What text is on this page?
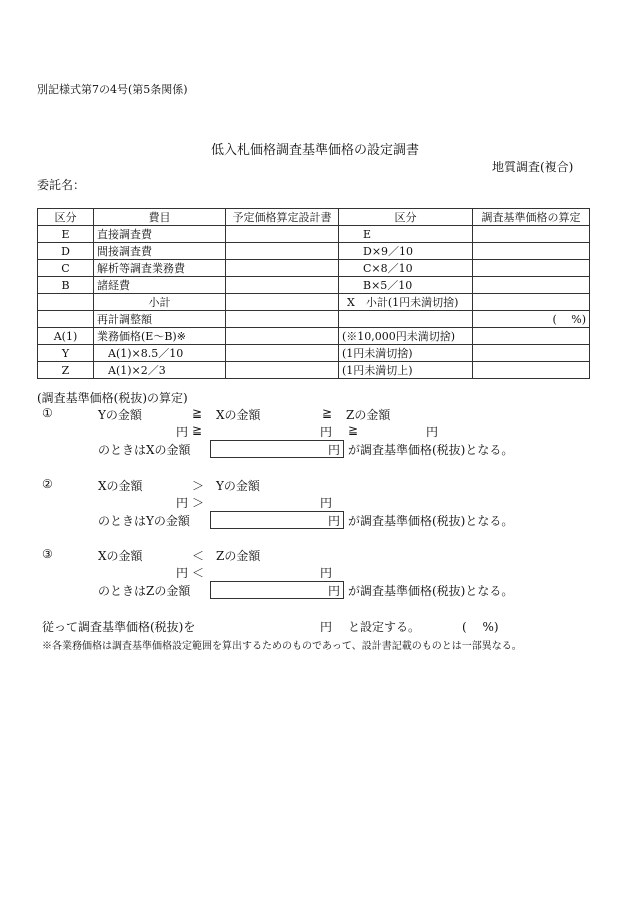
別記様式第7の4号(第5条関係)
低入札価格調査基準価格の設定調書
地質調査(複合)
委託名：
区分	費目	予定価格算定設計書	区分	調査基準価格の算定
E	直接調査費		E	
D	間接調査費		D×9／10	
C	解析等調査業務費		C×8／10	
B	諸経費		B×5／10	
	小計		X　小計(1円未満切捨)	
	再計調整額			(　 %)
A(1)	業務価格(E～B)※		(※10,000円未満切捨)	
Y	A(1)×8.5／10		(1円未満切捨)	
Z	A(1)×2／3		(1円未満切上)	
(調査基準価格(税抜)の算定)
①	Yの金額	≧ Xの金額	≧ Zの金額
円 ≧	円 ≧	円
のときはXの金額	円 が調査基準価格(税抜)となる。
②	Xの金額	＞ Yの金額
円 ＞	円
のときはYの金額	円 が調査基準価格(税抜)となる。
③	Xの金額	＜ Zの金額
円 ＜	円
のときはZの金額	円 が調査基準価格(税抜)となる。
従って調査基準価格(税抜)を	円 と設定する。	(　 %)
※各業務価格は調査基準価格設定範囲を算出するためのものであって、設計書記載のものとは一部異なる。
